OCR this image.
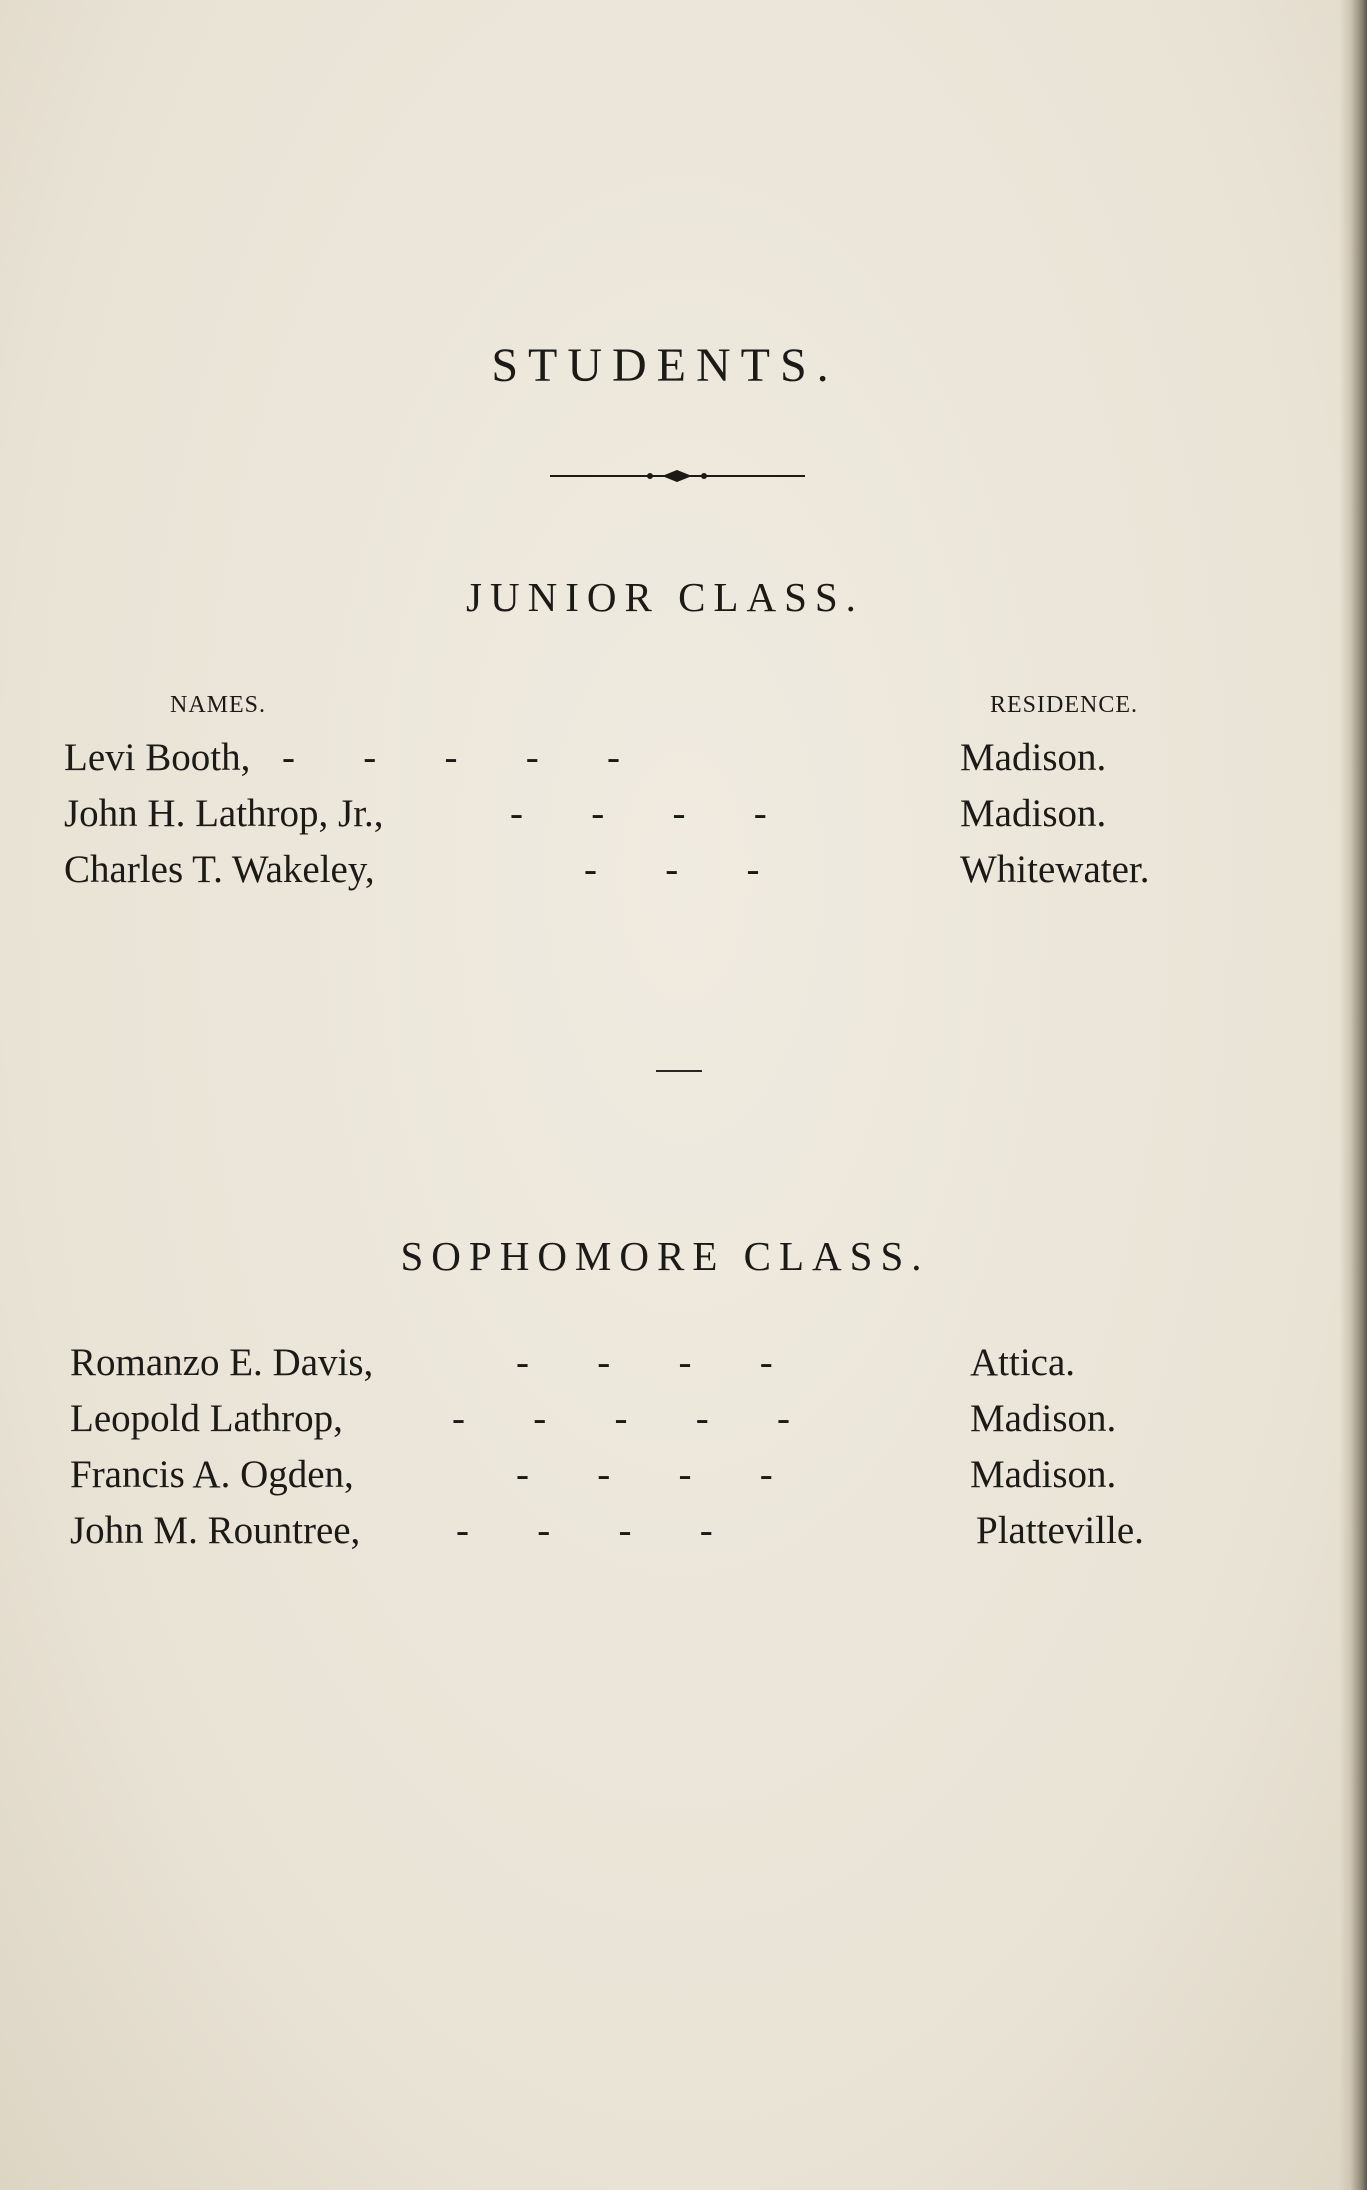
STUDENTS.
JUNIOR CLASS.
NAMES.	RESIDENCE.
Levi Booth, -       -       -       -       -	Madison.
John H. Lathrop, Jr.,	-       -       -       -	Madison.
Charles T. Wakeley,	-       -       -	Whitewater.
SOPHOMORE CLASS.
Romanzo E. Davis,	-       -       -       -	Attica.
Leopold Lathrop,	-       -       -       -       -	Madison.
Francis A. Ogden,	-       -       -       -	Madison.
John M. Rountree, -       -       -       -	Platteville.
